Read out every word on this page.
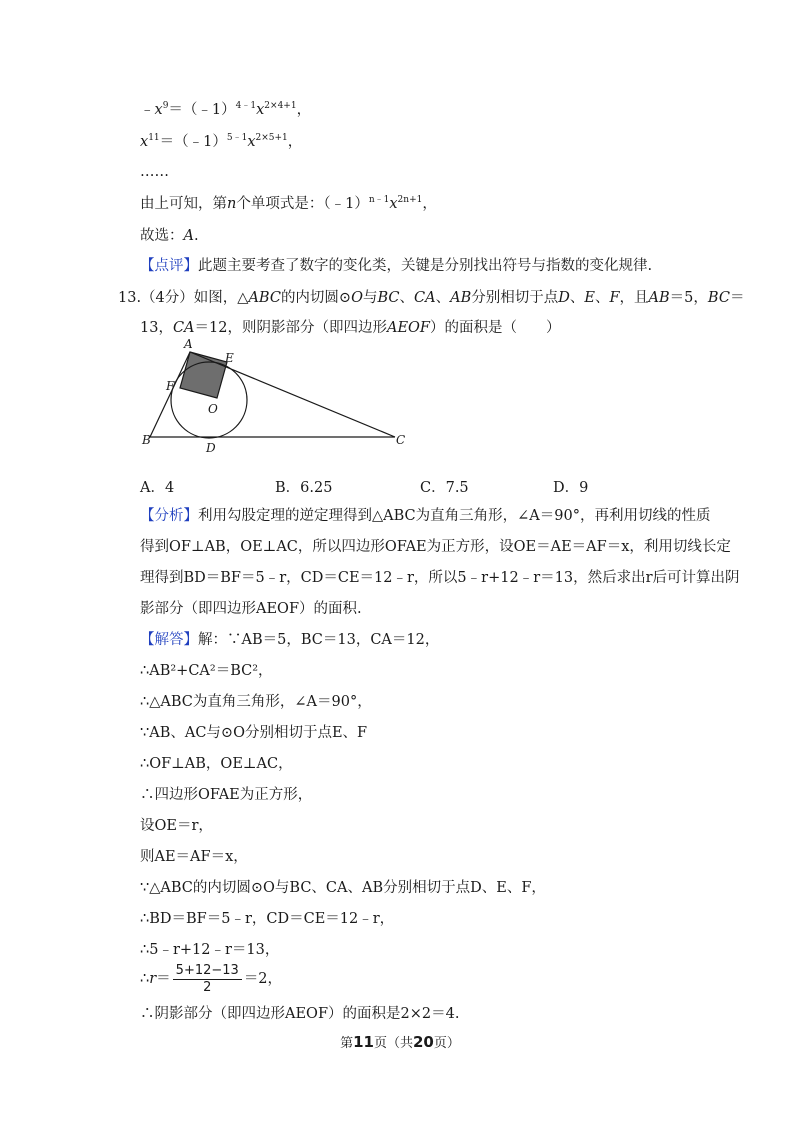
$﹣x^9=(﹣1)^{4﹣1}x^{2\times 4+1}$，
$x^{11}=(﹣1)^{5﹣1}x^{2\times 5+1}$，
……
由上可知，第n个单项式是：$(﹣1)^{n﹣1}x^{2n+1}$，
故选：A.
【点评】此题主要考查了数字的变化类，关键是分别找出符号与指数的变化规律.
13.（4分）如图，△ABC的内切圆⊙O与BC、CA、AB分别相切于点D、E、F，且AB＝5，BC＝
13，CA＝12，则阴影部分（即四边形AEOF）的面积是（　　）
A
E
F
O
B
D
C
A．4	B．6.25	C．7.5	D．9
【分析】利用勾股定理的逆定理得到△ABC为直角三角形，∠A＝90°，再利用切线的性质
得到OF⊥AB，OE⊥AC，所以四边形OFAE为正方形，设OE＝AE＝AF＝x，利用切线长定
理得到BD＝BF＝5﹣r，CD＝CE＝12﹣r，所以5﹣r+12﹣r＝13，然后求出r后可计算出阴
影部分（即四边形AEOF）的面积.
【解答】解：∵AB＝5，BC＝13，CA＝12，
∴AB²+CA²＝BC²，
∴△ABC为直角三角形，∠A＝90°，
∵AB、AC与⊙O分别相切于点E、F
∴OF⊥AB，OE⊥AC，
∴四边形OFAE为正方形，
设OE＝r，
则AE＝AF＝x，
∵△ABC的内切圆⊙O与BC、CA、AB分别相切于点D、E、F，
∴BD＝BF＝5﹣r，CD＝CE＝12﹣r，
∴5﹣r+12﹣r＝13，
∴r＝ $\frac{5+12-13}{2} =2$，
∴阴影部分（即四边形AEOF）的面积是2×2＝4.
第11页（共20页）
